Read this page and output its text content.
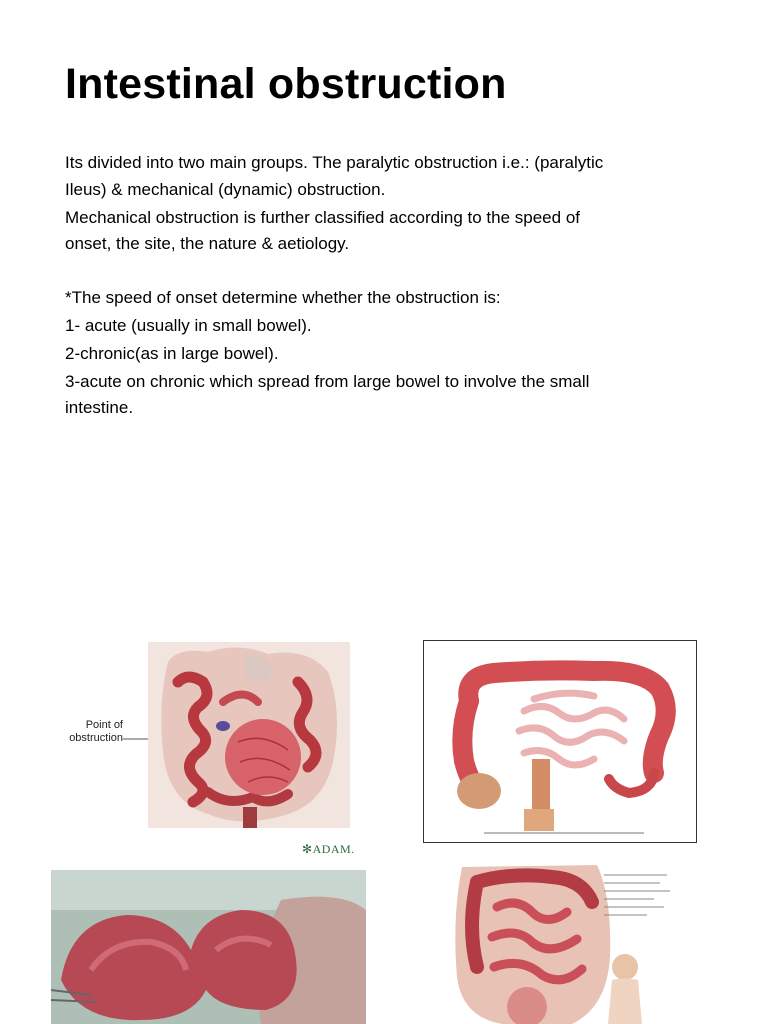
Intestinal obstruction
Its divided into two main groups. The paralytic obstruction i.e.: (paralytic
Ileus) & mechanical (dynamic) obstruction.
Mechanical obstruction is further classified according to the speed of
onset, the site, the nature & aetiology.
*The speed of onset determine whether the obstruction is:
1- acute (usually in small bowel).
2-chronic(as in large bowel).
3-acute on chronic which spread from large bowel to involve the small
intestine.
Point of
obstruction
✻ADAM.
